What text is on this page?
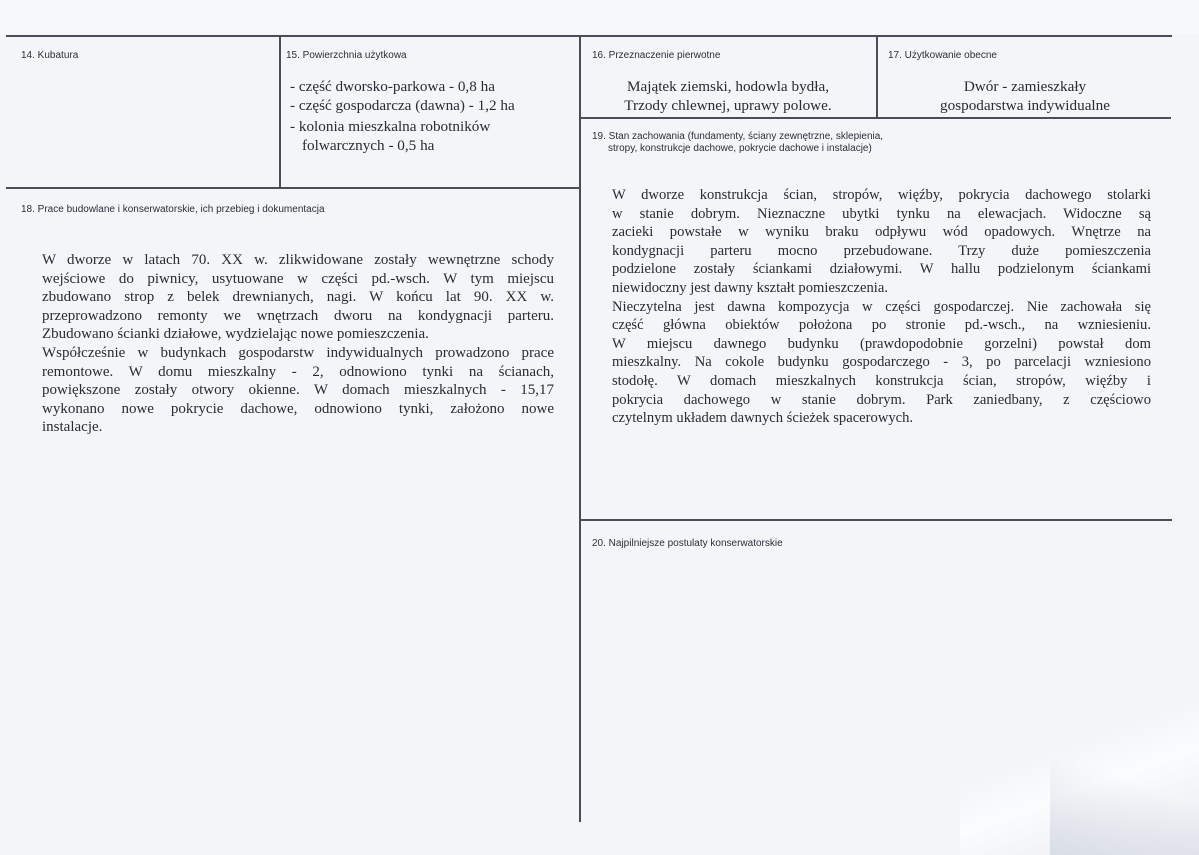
14. Kubatura	15. Powierzchnia użytkowa
- część dworsko-parkowa - 0,8 ha
- część gospodarcza (dawna) - 1,2 ha
- kolonia mieszkalna robotników
folwarcznych - 0,5 ha
16. Przeznaczenie pierwotne
Majątek ziemski, hodowla bydła,
Trzody chlewnej, uprawy polowe.
17. Użytkowanie obecne
Dwór - zamieszkały
gospodarstwa indywidualne
18. Prace budowlane i konserwatorskie, ich przebieg i dokumentacja
W dworze w latach 70. XX w. zlikwidowane zostały wewnętrzne schody
wejściowe do piwnicy, usytuowane w części pd.-wsch. W tym miejscu
zbudowano strop z belek drewnianych, nagi. W końcu lat 90. XX w.
przeprowadzono remonty we wnętrzach dworu na kondygnacji parteru.
Zbudowano ścianki działowe, wydzielając nowe pomieszczenia.
Współcześnie w budynkach gospodarstw indywidualnych prowadzono prace
remontowe. W domu mieszkalny - 2, odnowiono tynki na ścianach,
powiększone zostały otwory okienne. W domach mieszkalnych - 15,17
wykonano nowe pokrycie dachowe, odnowiono tynki, założono nowe
instalacje.
19. Stan zachowania (fundamenty, ściany zewnętrzne, sklepienia,
stropy, konstrukcje dachowe, pokrycie dachowe i instalacje)
W dworze konstrukcja ścian, stropów, więźby, pokrycia dachowego stolarki
w stanie dobrym. Nieznaczne ubytki tynku na elewacjach. Widoczne są
zacieki powstałe w wyniku braku odpływu wód opadowych. Wnętrze na
kondygnacji parteru mocno przebudowane. Trzy duże pomieszczenia
podzielone zostały ściankami działowymi. W hallu podzielonym ściankami
niewidoczny jest dawny kształt pomieszczenia.
Nieczytelna jest dawna kompozycja w części gospodarczej. Nie zachowała się
część główna obiektów położona po stronie pd.-wsch., na wzniesieniu.
W miejscu dawnego budynku (prawdopodobnie gorzelni) powstał dom
mieszkalny. Na cokole budynku gospodarczego - 3, po parcelacji wzniesiono
stodołę. W domach mieszkalnych konstrukcja ścian, stropów, więźby i
pokrycia dachowego w stanie dobrym. Park zaniedbany, z częściowo
czytelnym układem dawnych ścieżek spacerowych.
20. Najpilniejsze postulaty konserwatorskie
